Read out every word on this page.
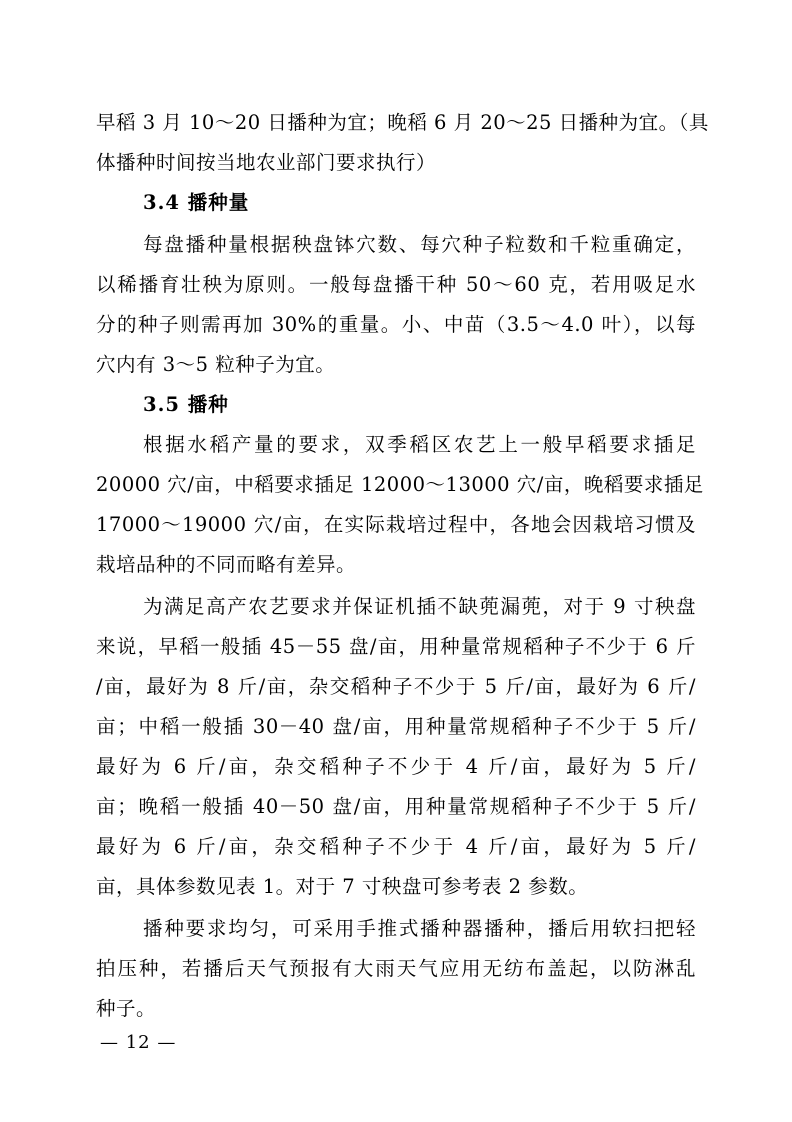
早稻 3 月 10～20 日播种为宜；晚稻 6 月 20～25 日播种为宜。（具
体播种时间按当地农业部门要求执行）
3.4 播种量
每盘播种量根据秧盘钵穴数、每穴种子粒数和千粒重确定，
以稀播育壮秧为原则。一般每盘播干种 50～60 克，若用吸足水
分的种子则需再加 30%的重量。小、中苗（3.5～4.0 叶），以每
穴内有 3～5 粒种子为宜。
3.5 播种
根据水稻产量的要求，双季稻区农艺上一般早稻要求插足
20000 穴/亩，中稻要求插足 12000～13000 穴/亩，晚稻要求插足
17000～19000 穴/亩，在实际栽培过程中，各地会因栽培习惯及
栽培品种的不同而略有差异。
为满足高产农艺要求并保证机插不缺蔸漏蔸，对于 9 寸秧盘
来说，早稻一般插 45－55 盘/亩，用种量常规稻种子不少于 6 斤
/亩，最好为 8 斤/亩，杂交稻种子不少于 5 斤/亩，最好为 6 斤/
亩；中稻一般插 30－40 盘/亩，用种量常规稻种子不少于 5 斤/
最好为 6 斤/亩，杂交稻种子不少于 4 斤/亩，最好为 5 斤/
亩；晚稻一般插 40－50 盘/亩，用种量常规稻种子不少于 5 斤/
最好为 6 斤/亩，杂交稻种子不少于 4 斤/亩，最好为 5 斤/
亩，具体参数见表 1。对于 7 寸秧盘可参考表 2 参数。
播种要求均匀，可采用手推式播种器播种，播后用软扫把轻
拍压种，若播后天气预报有大雨天气应用无纺布盖起，以防淋乱
种子。
— 12 —
